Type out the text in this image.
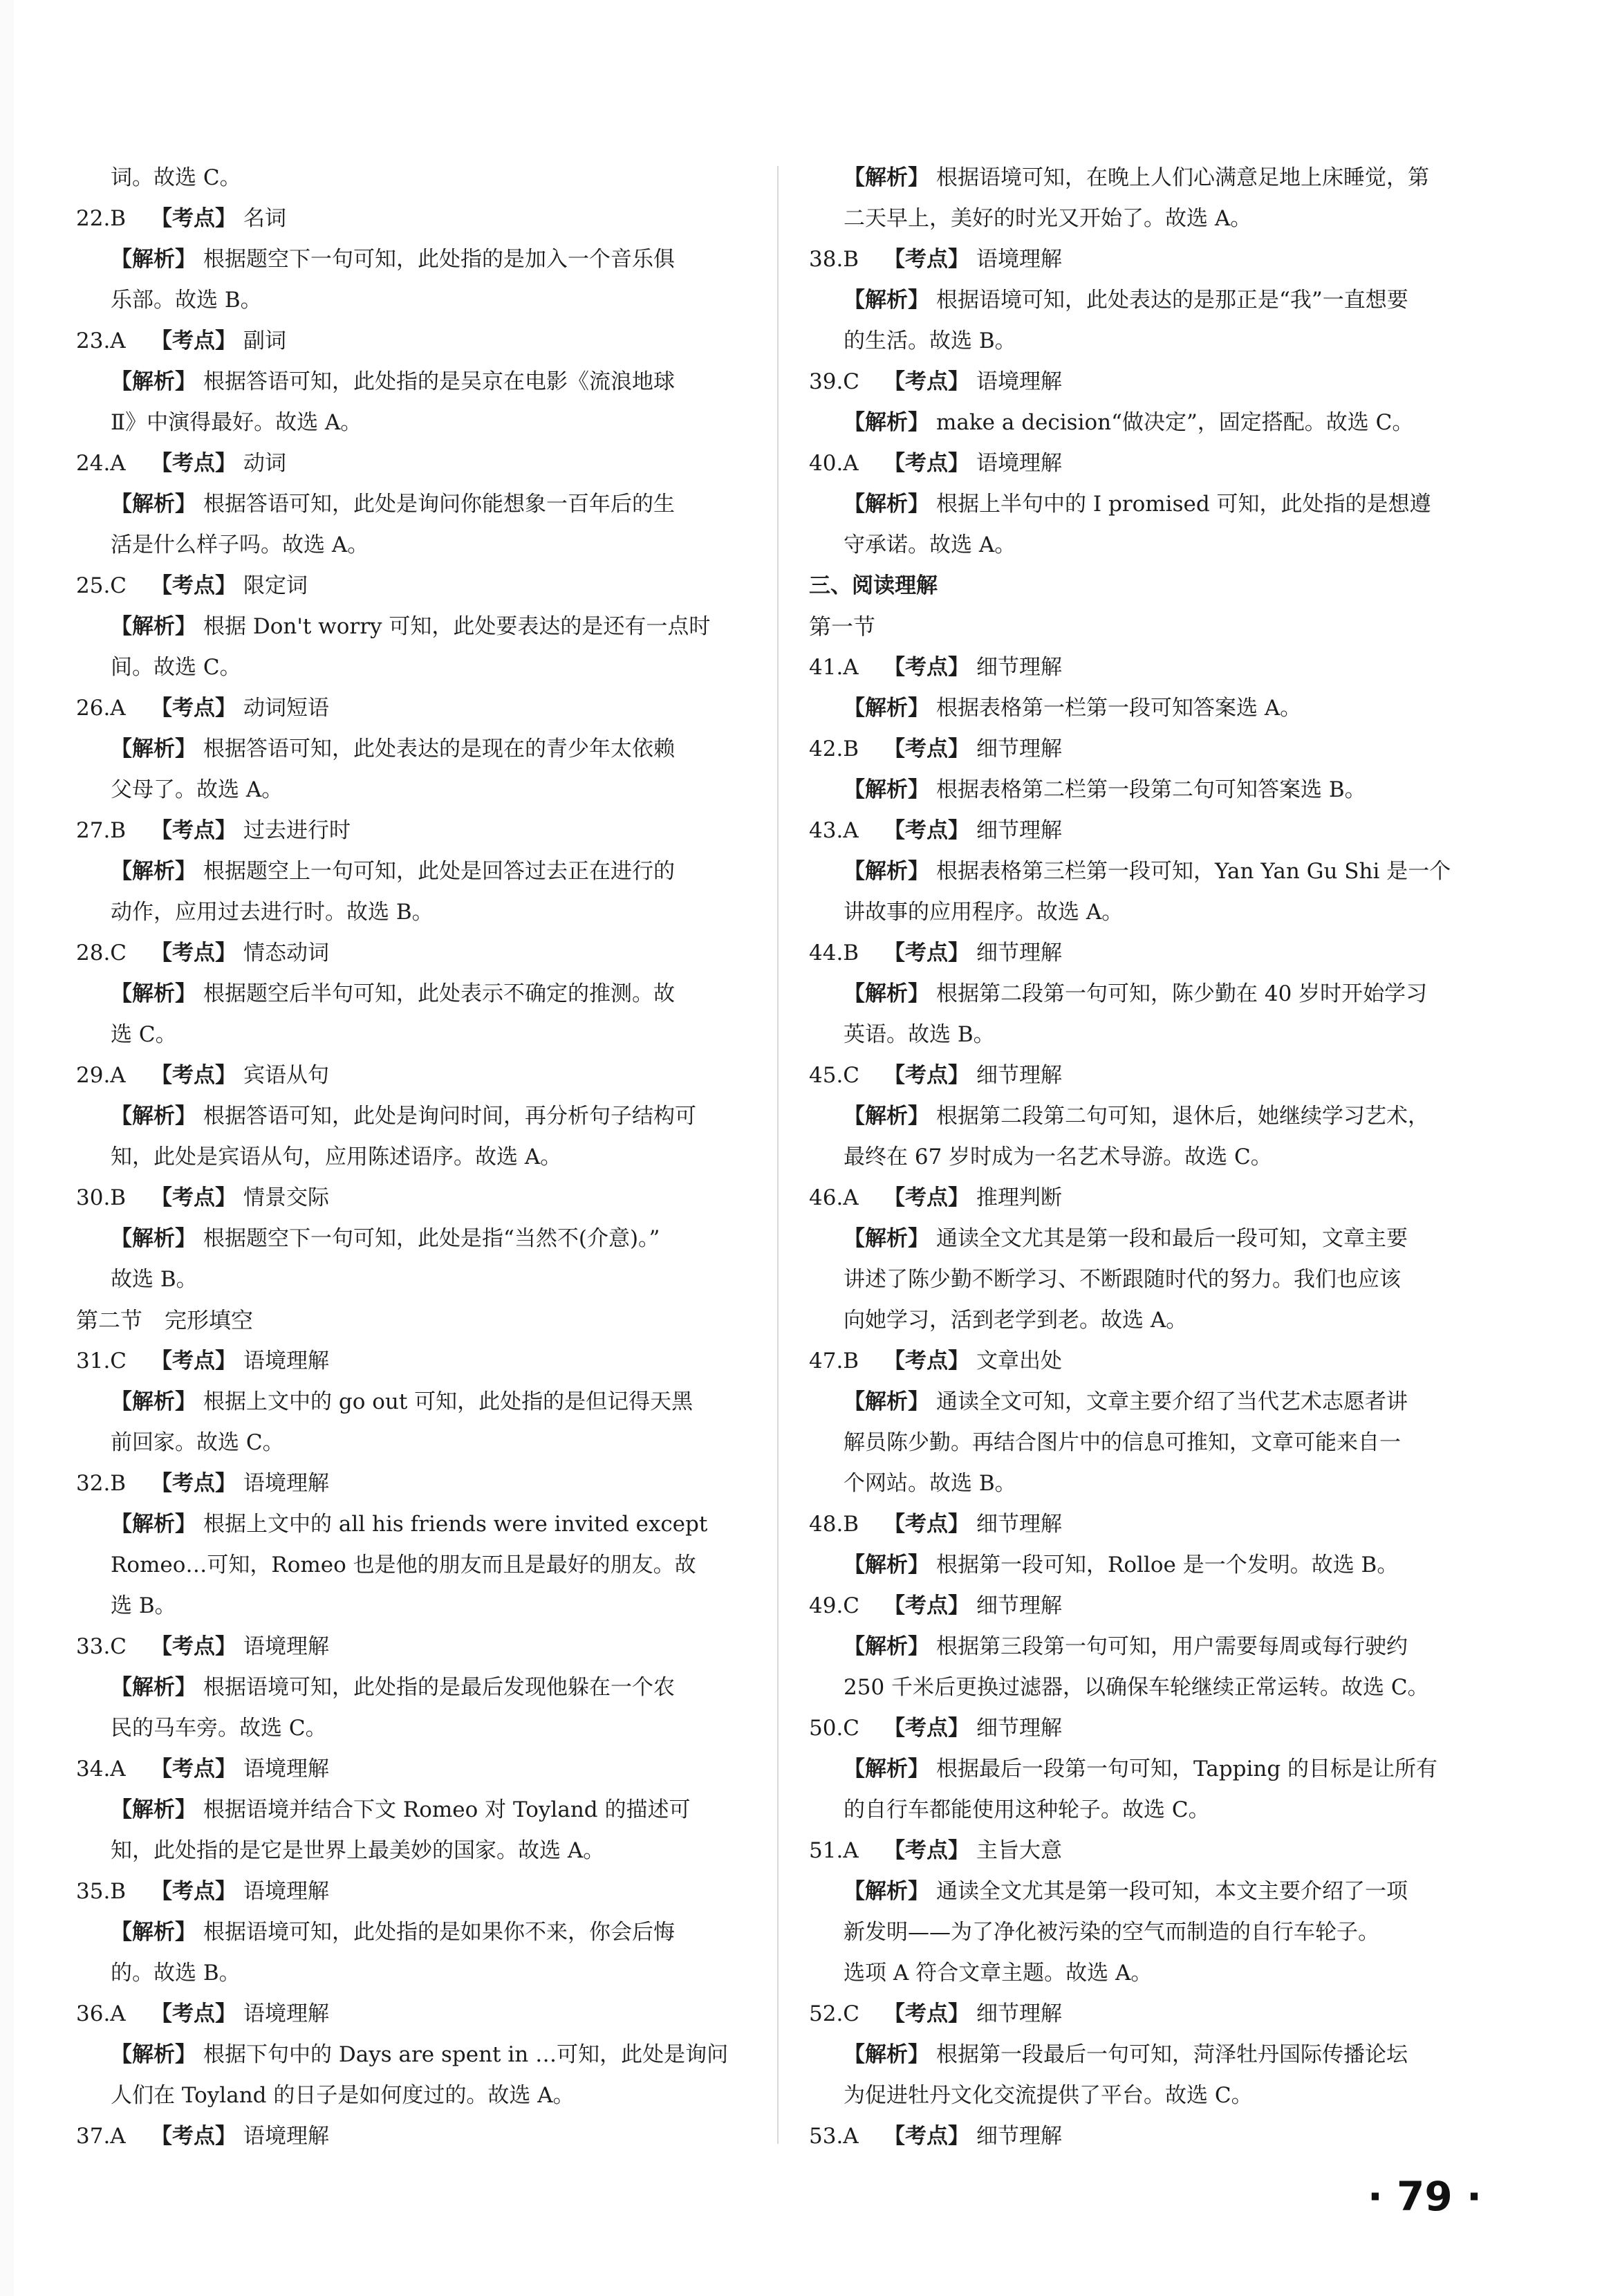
词。故选 C。
22.B 【考点】 名词
【解析】 根据题空下一句可知，此处指的是加入一个音乐俱
乐部。故选 B。
23.A 【考点】 副词
【解析】 根据答语可知，此处指的是吴京在电影《流浪地球
Ⅱ》中演得最好。故选 A。
24.A 【考点】 动词
【解析】 根据答语可知，此处是询问你能想象一百年后的生
活是什么样子吗。故选 A。
25.C 【考点】 限定词
【解析】 根据 Don't worry 可知，此处要表达的是还有一点时
间。故选 C。
26.A 【考点】 动词短语
【解析】 根据答语可知，此处表达的是现在的青少年太依赖
父母了。故选 A。
27.B 【考点】 过去进行时
【解析】 根据题空上一句可知，此处是回答过去正在进行的
动作，应用过去进行时。故选 B。
28.C 【考点】 情态动词
【解析】 根据题空后半句可知，此处表示不确定的推测。故
选 C。
29.A 【考点】 宾语从句
【解析】 根据答语可知，此处是询问时间，再分析句子结构可
知，此处是宾语从句，应用陈述语序。故选 A。
30.B 【考点】 情景交际
【解析】 根据题空下一句可知，此处是指“当然不(介意)。”
故选 B。
第二节　完形填空
31.C 【考点】 语境理解
【解析】 根据上文中的 go out 可知，此处指的是但记得天黑
前回家。故选 C。
32.B 【考点】 语境理解
【解析】 根据上文中的 all his friends were invited except
Romeo…可知，Romeo 也是他的朋友而且是最好的朋友。故
选 B。
33.C 【考点】 语境理解
【解析】 根据语境可知，此处指的是最后发现他躲在一个农
民的马车旁。故选 C。
34.A 【考点】 语境理解
【解析】 根据语境并结合下文 Romeo 对 Toyland 的描述可
知，此处指的是它是世界上最美妙的国家。故选 A。
35.B 【考点】 语境理解
【解析】 根据语境可知，此处指的是如果你不来，你会后悔
的。故选 B。
36.A 【考点】 语境理解
【解析】 根据下句中的 Days are spent in …可知，此处是询问
人们在 Toyland 的日子是如何度过的。故选 A。
37.A 【考点】 语境理解
【解析】 根据语境可知，在晚上人们心满意足地上床睡觉，第
二天早上，美好的时光又开始了。故选 A。
38.B 【考点】 语境理解
【解析】 根据语境可知，此处表达的是那正是“我”一直想要
的生活。故选 B。
39.C 【考点】 语境理解
【解析】 make a decision“做决定”，固定搭配。故选 C。
40.A 【考点】 语境理解
【解析】 根据上半句中的 I promised 可知，此处指的是想遵
守承诺。故选 A。
三、阅读理解
第一节
41.A 【考点】 细节理解
【解析】 根据表格第一栏第一段可知答案选 A。
42.B 【考点】 细节理解
【解析】 根据表格第二栏第一段第二句可知答案选 B。
43.A 【考点】 细节理解
【解析】 根据表格第三栏第一段可知，Yan Yan Gu Shi 是一个
讲故事的应用程序。故选 A。
44.B 【考点】 细节理解
【解析】 根据第二段第一句可知，陈少勤在 40 岁时开始学习
英语。故选 B。
45.C 【考点】 细节理解
【解析】 根据第二段第二句可知，退休后，她继续学习艺术，
最终在 67 岁时成为一名艺术导游。故选 C。
46.A 【考点】 推理判断
【解析】 通读全文尤其是第一段和最后一段可知，文章主要
讲述了陈少勤不断学习、不断跟随时代的努力。我们也应该
向她学习，活到老学到老。故选 A。
47.B 【考点】 文章出处
【解析】 通读全文可知，文章主要介绍了当代艺术志愿者讲
解员陈少勤。再结合图片中的信息可推知，文章可能来自一
个网站。故选 B。
48.B 【考点】 细节理解
【解析】 根据第一段可知，Rolloe 是一个发明。故选 B。
49.C 【考点】 细节理解
【解析】 根据第三段第一句可知，用户需要每周或每行驶约
250 千米后更换过滤器，以确保车轮继续正常运转。故选 C。
50.C 【考点】 细节理解
【解析】 根据最后一段第一句可知，Tapping 的目标是让所有
的自行车都能使用这种轮子。故选 C。
51.A 【考点】 主旨大意
【解析】 通读全文尤其是第一段可知，本文主要介绍了一项
新发明——为了净化被污染的空气而制造的自行车轮子。
选项 A 符合文章主题。故选 A。
52.C 【考点】 细节理解
【解析】 根据第一段最后一句可知，菏泽牡丹国际传播论坛
为促进牡丹文化交流提供了平台。故选 C。
53.A 【考点】 细节理解
· 79 ·
